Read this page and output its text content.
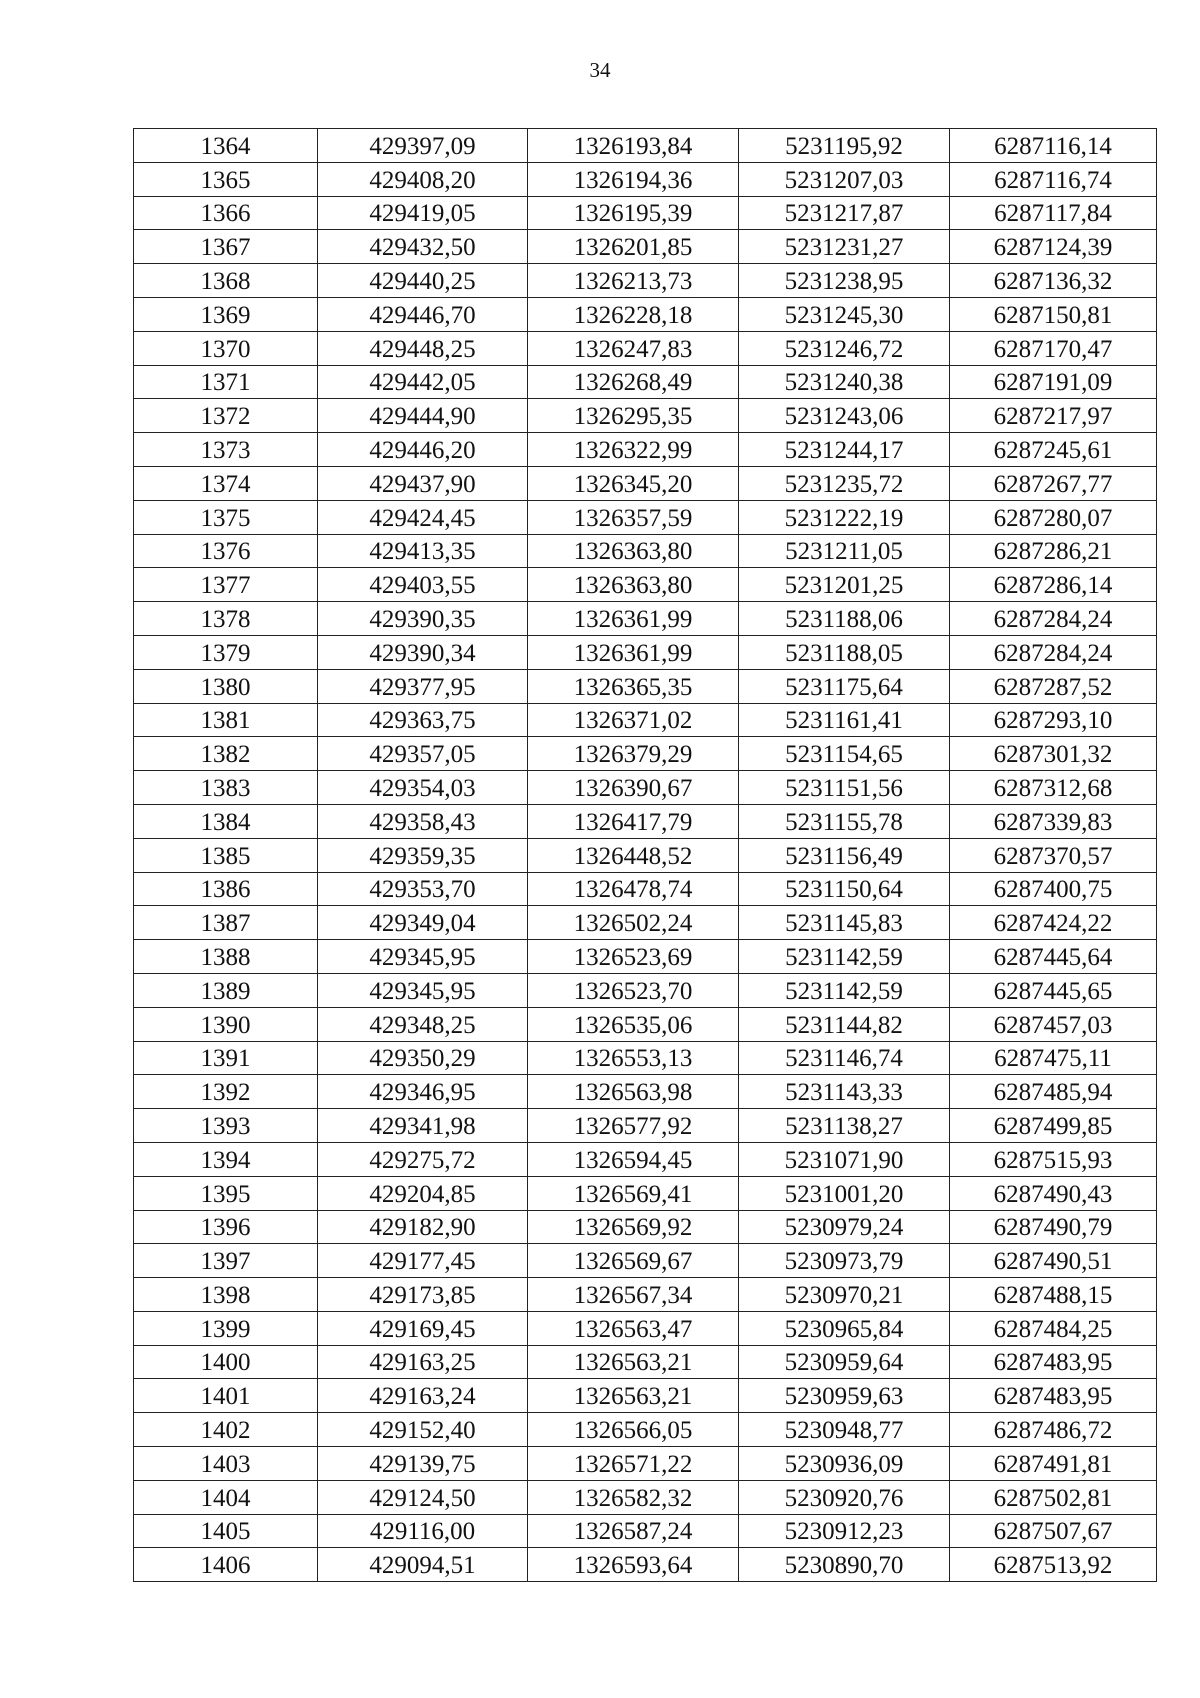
34
1364	429397,09	1326193,84	5231195,92	6287116,14
1365	429408,20	1326194,36	5231207,03	6287116,74
1366	429419,05	1326195,39	5231217,87	6287117,84
1367	429432,50	1326201,85	5231231,27	6287124,39
1368	429440,25	1326213,73	5231238,95	6287136,32
1369	429446,70	1326228,18	5231245,30	6287150,81
1370	429448,25	1326247,83	5231246,72	6287170,47
1371	429442,05	1326268,49	5231240,38	6287191,09
1372	429444,90	1326295,35	5231243,06	6287217,97
1373	429446,20	1326322,99	5231244,17	6287245,61
1374	429437,90	1326345,20	5231235,72	6287267,77
1375	429424,45	1326357,59	5231222,19	6287280,07
1376	429413,35	1326363,80	5231211,05	6287286,21
1377	429403,55	1326363,80	5231201,25	6287286,14
1378	429390,35	1326361,99	5231188,06	6287284,24
1379	429390,34	1326361,99	5231188,05	6287284,24
1380	429377,95	1326365,35	5231175,64	6287287,52
1381	429363,75	1326371,02	5231161,41	6287293,10
1382	429357,05	1326379,29	5231154,65	6287301,32
1383	429354,03	1326390,67	5231151,56	6287312,68
1384	429358,43	1326417,79	5231155,78	6287339,83
1385	429359,35	1326448,52	5231156,49	6287370,57
1386	429353,70	1326478,74	5231150,64	6287400,75
1387	429349,04	1326502,24	5231145,83	6287424,22
1388	429345,95	1326523,69	5231142,59	6287445,64
1389	429345,95	1326523,70	5231142,59	6287445,65
1390	429348,25	1326535,06	5231144,82	6287457,03
1391	429350,29	1326553,13	5231146,74	6287475,11
1392	429346,95	1326563,98	5231143,33	6287485,94
1393	429341,98	1326577,92	5231138,27	6287499,85
1394	429275,72	1326594,45	5231071,90	6287515,93
1395	429204,85	1326569,41	5231001,20	6287490,43
1396	429182,90	1326569,92	5230979,24	6287490,79
1397	429177,45	1326569,67	5230973,79	6287490,51
1398	429173,85	1326567,34	5230970,21	6287488,15
1399	429169,45	1326563,47	5230965,84	6287484,25
1400	429163,25	1326563,21	5230959,64	6287483,95
1401	429163,24	1326563,21	5230959,63	6287483,95
1402	429152,40	1326566,05	5230948,77	6287486,72
1403	429139,75	1326571,22	5230936,09	6287491,81
1404	429124,50	1326582,32	5230920,76	6287502,81
1405	429116,00	1326587,24	5230912,23	6287507,67
1406	429094,51	1326593,64	5230890,70	6287513,92
